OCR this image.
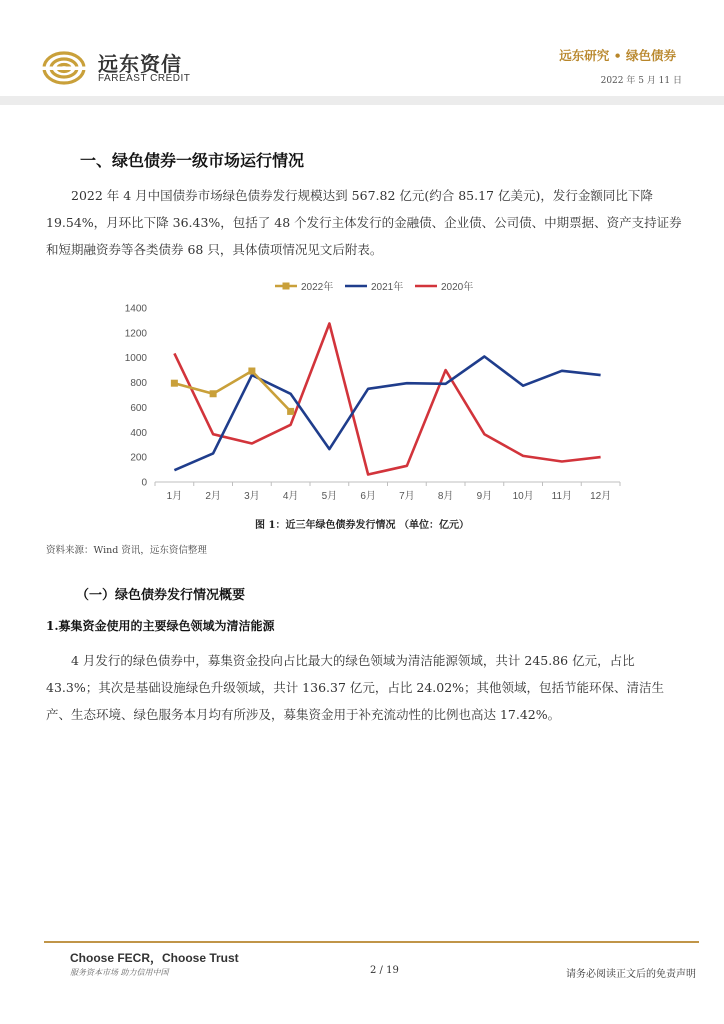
远东资信
FAREAST CREDIT
远东研究 • 绿色债券
2022 年 5 月 11 日
一、绿色债券一级市场运行情况
2022 年 4 月中国债券市场绿色债券发行规模达到 567.82 亿元(约合 85.17 亿美元)，发行金额同比下降 19.54%，月环比下降 36.43%，包括了 48 个发行主体发行的金融债、企业债、公司债、中期票据、资产支持证券和短期融资券等各类债券 68 只，具体债项情况见文后附表。
0
200
400
600
800
1000
1200
1400
1月 2月 3月 4月 5月 6月 7月 8月 9月 10月 11月 12月
2022年	2021年	2020年
图 1：近三年绿色债券发行情况 （单位：亿元）
资料来源：Wind 资讯，远东资信整理
（一）绿色债券发行情况概要
1.募集资金使用的主要绿色领域为清洁能源
4 月发行的绿色债券中，募集资金投向占比最大的绿色领域为清洁能源领域，共计 245.86 亿元，占比 43.3%；其次是基础设施绿色升级领域，共计 136.37 亿元，占比 24.02%；其他领域，包括节能环保、清洁生产、生态环境、绿色服务本月均有所涉及，募集资金用于补充流动性的比例也高达 17.42%。
Choose FECR，Choose Trust
服务资本市场 助力信用中国	2 / 19	请务必阅读正文后的免责声明
